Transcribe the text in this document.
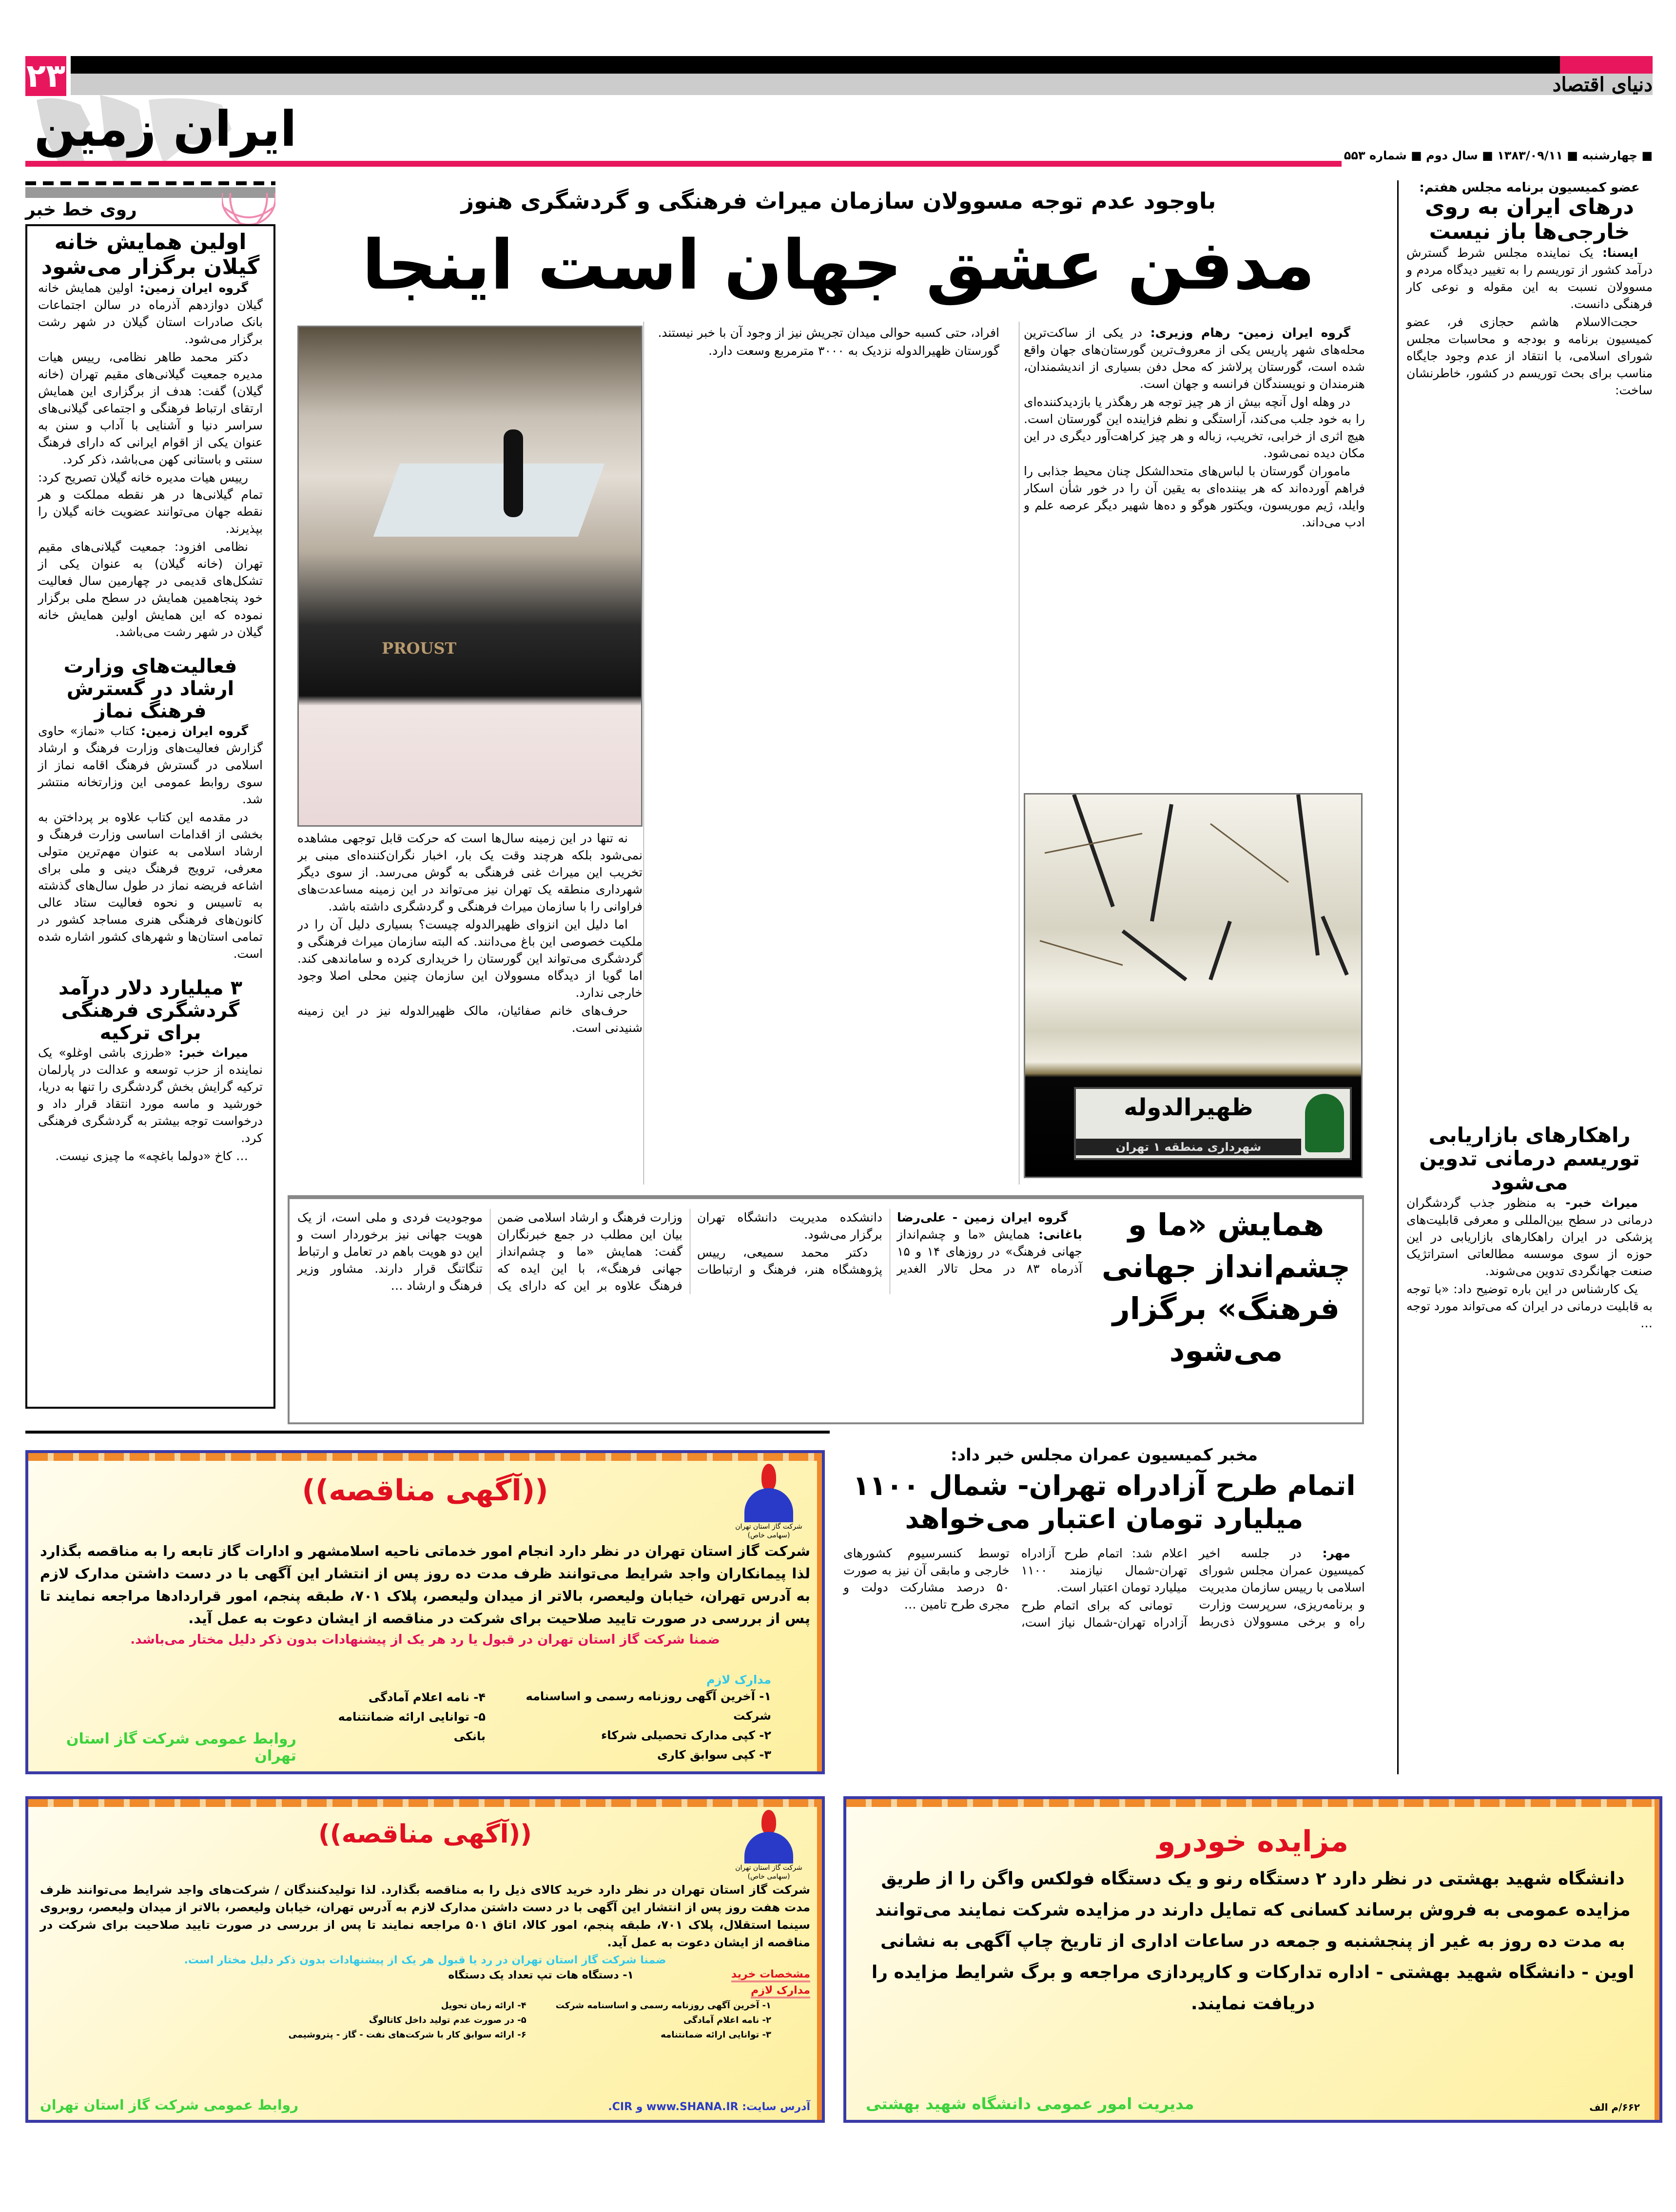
۲۳	دنیای اقتصاد
ایران زمین	■ چهارشنبه ■ ۱۳۸۳/۰۹/۱۱ ■ سال دوم ■ شماره ۵۵۳
روی خط خبر
اولین همایش خانه گیلان برگزار می‌شود

گروه ایران زمین: اولین همایش خانه گیلان دوازدهم آذرماه در سالن اجتماعات بانک صادرات استان گیلان در شهر رشت برگزار می‌شود.

دکتر محمد طاهر نظامی، رییس هیات مدیره جمعیت گیلانی‌های مقیم تهران (خانه گیلان) گفت: هدف از برگزاری این همایش ارتقای ارتباط فرهنگی و اجتماعی گیلانی‌های سراسر دنیا و آشنایی با آداب و سنن به عنوان یکی از اقوام ایرانی که دارای فرهنگ سنتی و باستانی کهن می‌باشد، ذکر کرد.

رییس هیات مدیره خانه گیلان تصریح کرد: تمام گیلانی‌ها در هر نقطه مملکت و هر نقطه جهان می‌توانند عضویت خانه گیلان را بپذیرند.

نظامی افزود: جمعیت گیلانی‌های مقیم تهران (خانه گیلان) به عنوان یکی از تشکل‌های قدیمی در چهارمین سال فعالیت خود پنجاهمین همایش در سطح ملی برگزار نموده که این همایش اولین همایش خانه گیلان در شهر رشت می‌باشد.

فعالیت‌های وزارت ارشاد در گسترش فرهنگ نماز

گروه ایران زمین: کتاب «نماز» حاوی گزارش فعالیت‌های وزارت فرهنگ و ارشاد اسلامی در گسترش فرهنگ اقامه نماز از سوی روابط عمومی این وزارتخانه منتشر شد.

در مقدمه این کتاب علاوه بر پرداختن به بخشی از اقدامات اساسی وزارت فرهنگ و ارشاد اسلامی به عنوان مهم‌ترین متولی معرفی، ترویج فرهنگ دینی و ملی برای اشاعه فریضه نماز در طول سال‌های گذشته به تاسیس و نحوه فعالیت ستاد عالی کانون‌های فرهنگی هنری مساجد کشور در تمامی استان‌ها و شهرهای کشور اشاره شده است.

۳ میلیارد دلار درآمد گردشگری فرهنگی برای ترکیه

میراث خبر: «طرزی باشی اوغلو» یک نماینده از حزب توسعه و عدالت در پارلمان ترکیه گرایش بخش گردشگری را تنها به دریا، خورشید و ماسه مورد انتقاد قرار داد و درخواست توجه بیشتر به گردشگری فرهنگی کرد.

… کاخ «دولما باغچه» ما چیزی نیست.

باوجود عدم توجه مسوولان سازمان میراث فرهنگی و گردشگری هنوز
مدفن عشق جهان است اینجا

گروه ایران زمین- رهام وزیری: در یکی از ساکت‌ترین محله‌های شهر پاریس یکی از معروف‌ترین گورستان‌های جهان واقع شده است، گورستان پرلاشز که محل دفن بسیاری از اندیشمندان، هنرمندان و نویسندگان فرانسه و جهان است.

در وهله اول آنچه بیش از هر چیز توجه هر رهگذر یا بازدیدکننده‌ای را به خود جلب می‌کند، آراستگی و نظم فزاینده این گورستان است. هیچ اثری از خرابی، تخریب، زباله و هر چیز کراهت‌آور دیگری در این مکان دیده نمی‌شود.

ماموران گورستان با لباس‌های متحدالشکل چنان محیط جذابی را فراهم آورده‌اند که هر بیننده‌ای به یقین آن را در خور شأن اسکار وایلد، ژیم موریسون، ویکتور هوگو و ده‌ها شهیر دیگر عرصه علم و ادب می‌داند.

ظهیرالدوله
شهرداری منطقه ۱ تهران

افراد، حتی کسبه حوالی میدان تجریش نیز از وجود آن با خبر نیستند.

گورستان ظهیرالدوله نزدیک به ۳۰۰۰ مترمربع وسعت دارد.

PROUST

نه تنها در این زمینه سال‌ها است که حرکت قابل توجهی مشاهده نمی‌شود بلکه هرچند وقت یک بار، اخبار نگران‌کننده‌ای مبنی بر تخریب این میراث غنی فرهنگی به گوش می‌رسد. از سوی دیگر شهرداری منطقه یک تهران نیز می‌تواند در این زمینه مساعدت‌های فراوانی را با سازمان میراث فرهنگی و گردشگری داشته باشد.

اما دلیل این انزوای ظهیرالدوله چیست؟ بسیاری دلیل آن را در ملکیت خصوصی این باغ می‌دانند. که البته سازمان میراث فرهنگی و گردشگری می‌تواند این گورستان را خریداری کرده و ساماندهی کند. اما گویا از دیدگاه مسوولان این سازمان چنین محلی اصلا وجود خارجی ندارد.

حرف‌های خانم صفائیان، مالک ظهیرالدوله نیز در این زمینه شنیدنی است.

همایش «ما و چشم‌انداز جهانی فرهنگ» برگزار می‌شود

گروه ایران زمین - علی‌رضا باغانی: همایش «ما و چشم‌انداز جهانی فرهنگ» در روزهای ۱۴ و ۱۵ آذرماه ۸۳ در محل تالار الغدیر دانشکده مدیریت دانشگاه تهران برگزار می‌شود.

دکتر محمد سمیعی، رییس پژوهشگاه هنر، فرهنگ و ارتباطات وزارت فرهنگ و ارشاد اسلامی ضمن بیان این مطلب در جمع خبرنگاران گفت: همایش «ما و چشم‌انداز جهانی فرهنگ»، با این ایده که فرهنگ علاوه بر این که دارای یک موجودیت فردی و ملی است، از یک هویت جهانی نیز برخوردار است و این دو هویت باهم در تعامل و ارتباط تنگاتنگ قرار دارند. مشاور وزیر فرهنگ و ارشاد …

مخبر کمیسیون عمران مجلس خبر داد:
اتمام طرح آزادراه تهران- شمال ۱۱۰۰ میلیارد تومان اعتبار می‌خواهد

مهر: در جلسه اخیر کمیسیون عمران مجلس شورای اسلامی با رییس سازمان مدیریت و برنامه‌ریزی، سرپرست وزارت راه و برخی مسوولان ذی‌ربط اعلام شد: اتمام طرح آزادراه تهران-شمال نیازمند ۱۱۰۰ میلیارد تومان اعتبار است.

تومانی که برای اتمام طرح آزادراه تهران-شمال نیاز است، توسط کنسرسیوم کشورهای خارجی و مابقی آن نیز به صورت ۵۰ درصد مشارکت دولت و مجری طرح تامین …

عضو کمیسیون برنامه مجلس هفتم:
درهای ایران به روی خارجی‌ها باز نیست

ایسنا: یک نماینده مجلس شرط گسترش درآمد کشور از توریسم را به تغییر دیدگاه مردم و مسوولان نسبت به این مقوله و نوعی کار فرهنگی دانست.

حجت‌الاسلام هاشم حجازی فر، عضو کمیسیون برنامه و بودجه و محاسبات مجلس شورای اسلامی، با انتقاد از عدم وجود جایگاه مناسب برای بحث توریسم در کشور، خاطرنشان ساخت:

راهکارهای بازاریابی توریسم درمانی تدوین می‌شود

میراث خبر- به منظور جذب گردشگران درمانی در سطح بین‌المللی و معرفی قابلیت‌های پزشکی در ایران راهکارهای بازاریابی در این حوزه از سوی موسسه مطالعاتی استراتژیک صنعت جهانگردی تدوین می‌شوند.

یک کارشناس در این باره توضیح داد: «با توجه به قابلیت درمانی در ایران که می‌تواند مورد توجه …

شرکت گاز استان تهران (سهامی خاص)
((آگهی مناقصه))
شرکت گاز استان تهران در نظر دارد انجام امور خدماتی ناحیه اسلامشهر و ادارات گاز تابعه را به مناقصه بگذارد لذا پیمانکاران واجد شرایط می‌توانند ظرف مدت ده روز پس از انتشار این آگهی با در دست داشتن مدارک لازم به آدرس تهران، خیابان ولیعصر، بالاتر از میدان ولیعصر، پلاک ۷۰۱، طبقه پنجم، امور قراردادها مراجعه نمایند تا پس از بررسی در صورت تایید صلاحیت برای شرکت در مناقصه از ایشان دعوت به عمل آید.
ضمنا شرکت گاز استان تهران در قبول یا رد هر یک از پیشنهادات بدون ذکر دلیل مختار می‌باشد.
مدارک لازم
۱- آخرین آگهی روزنامه رسمی و اساسنامه شرکت
۲- کپی مدارک تحصیلی شرکاء
۳- کپی سوابق کاری
۴- نامه اعلام آمادگی
۵- توانایی ارائه ضمانتنامه بانکی
روابط عمومی شرکت گاز استان تهران
شرکت گاز استان تهران (سهامی خاص)
((آگهی مناقصه))
شرکت گاز استان تهران در نظر دارد خرید کالای ذیل را به مناقصه بگذارد. لذا تولیدکنندگان / شرکت‌های واجد شرایط می‌توانند ظرف مدت هفت روز پس از انتشار این آگهی با در دست داشتن مدارک لازم به آدرس تهران، خیابان ولیعصر، بالاتر از میدان ولیعصر، روبروی سینما استقلال، پلاک ۷۰۱، طبقه پنجم، امور کالا، اتاق ۵۰۱ مراجعه نمایند تا پس از بررسی در صورت تایید صلاحیت برای شرکت در مناقصه از ایشان دعوت به عمل آید.
ضمنا شرکت گاز استان تهران در رد یا قبول هر یک از پیشنهادات بدون ذکر دلیل مختار است.
مشخصات خرید
۱- دستگاه هات تپ تعداد یک دستگاه
مدارک لازم
۱- آخرین آگهی روزنامه رسمی و اساسنامه شرکت
۲- نامه اعلام آمادگی
۳- توانایی ارائه ضمانتنامه
۴- ارائه زمان تحویل
۵- در صورت عدم تولید داخل کاتالوگ
۶- ارائه سوابق کار با شرکت‌های نفت - گاز - پتروشیمی
آدرس سایت: www.SHANA.IR و CIR.
روابط عمومی شرکت گاز استان تهران
مزایده خودرو
دانشگاه شهید بهشتی در نظر دارد ۲ دستگاه رنو و یک دستگاه فولکس واگن را از طریق مزایده عمومی به فروش برساند کسانی که تمایل دارند در مزایده شرکت نمایند می‌توانند به مدت ده روز به غیر از پنجشنبه و جمعه در ساعات اداری از تاریخ چاپ آگهی به نشانی اوین - دانشگاه شهید بهشتی - اداره تدارکات و کارپردازی مراجعه و برگ شرایط مزایده را دریافت نمایند.
۶۶۲/م الف
مدیریت امور عمومی دانشگاه شهید بهشتی
